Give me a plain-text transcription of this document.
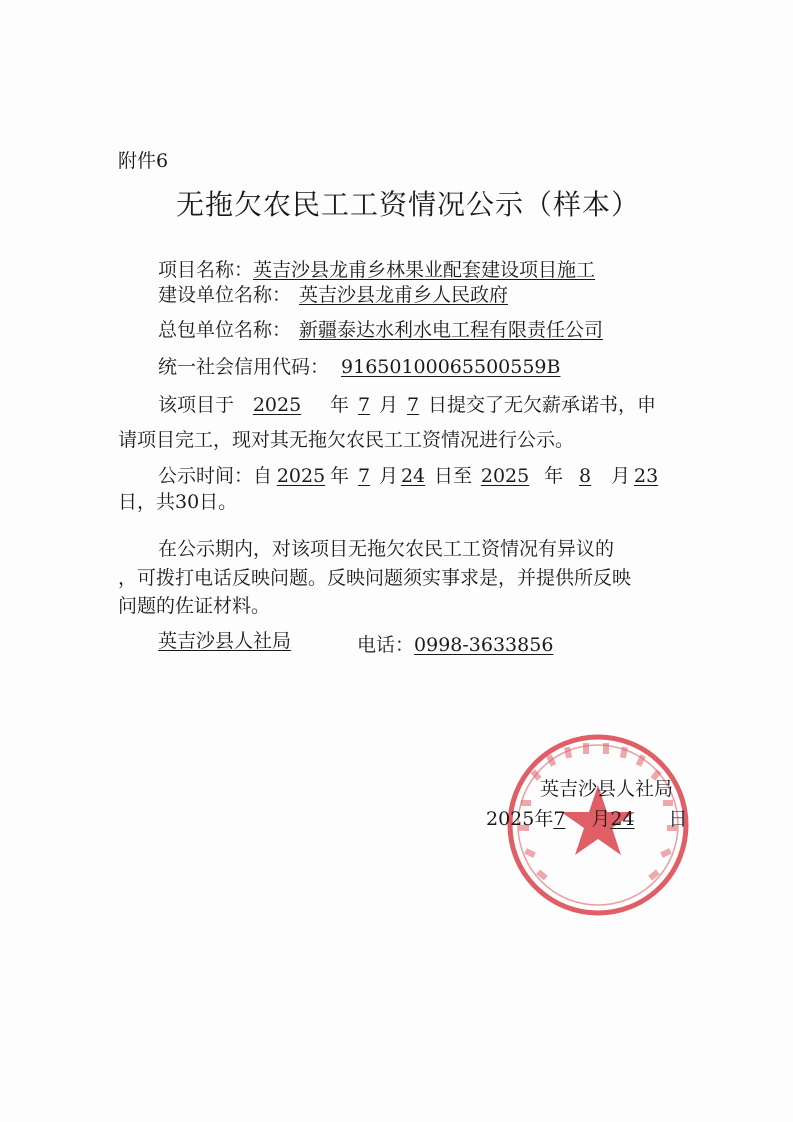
附件6
无拖欠农民工工资情况公示（样本）
项目名称：英吉沙县龙甫乡林果业配套建设项目施工
建设单位名称： 英吉沙县龙甫乡人民政府
总包单位名称： 新疆泰达水利水电工程有限责任公司
统一社会信用代码： 91650100065500559B
该项目于 2025 年 7 月 7 日提交了无欠薪承诺书，申
请项目完工，现对其无拖欠农民工工资情况进行公示。
公示时间：自 2025 年 7 月 24 日至 2025 年 8 月 23
日，共30日。
在公示期内，对该项目无拖欠农民工工资情况有异议的
，可拨打电话反映问题。反映问题须实事求是，并提供所反映
问题的佐证材料。
英吉沙县人社局	电话：0998-3633856
英吉沙县人社局
2025年7 月24 日
